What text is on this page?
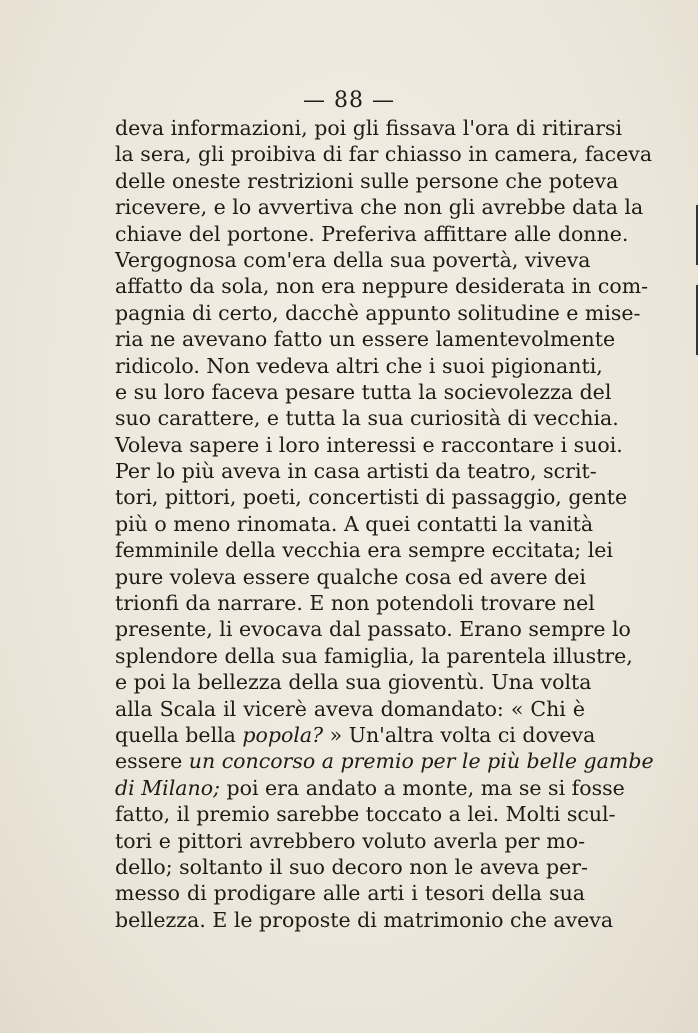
— 88 —
deva informazioni, poi gli fissava l'ora di ritirarsi
la sera, gli proibiva di far chiasso in camera, faceva
delle oneste restrizioni sulle persone che poteva
ricevere, e lo avvertiva che non gli avrebbe data la
chiave del portone. Preferiva affittare alle donne.
Vergognosa com'era della sua povertà, viveva
affatto da sola, non era neppure desiderata in com-
pagnia di certo, dacchè appunto solitudine e mise-
ria ne avevano fatto un essere lamentevolmente
ridicolo. Non vedeva altri che i suoi pigionanti,
e su loro faceva pesare tutta la socievolezza del
suo carattere, e tutta la sua curiosità di vecchia.
Voleva sapere i loro interessi e raccontare i suoi.
Per lo più aveva in casa artisti da teatro, scrit-
tori, pittori, poeti, concertisti di passaggio, gente
più o meno rinomata. A quei contatti la vanità
femminile della vecchia era sempre eccitata; lei
pure voleva essere qualche cosa ed avere dei
trionfi da narrare. E non potendoli trovare nel
presente, li evocava dal passato. Erano sempre lo
splendore della sua famiglia, la parentela illustre,
e poi la bellezza della sua gioventù. Una volta
alla Scala il vicerè aveva domandato: « Chi è
quella bella popola? » Un'altra volta ci doveva
essere un concorso a premio per le più belle gambe
di Milano; poi era andato a monte, ma se si fosse
fatto, il premio sarebbe toccato a lei. Molti scul-
tori e pittori avrebbero voluto averla per mo-
dello; soltanto il suo decoro non le aveva per-
messo di prodigare alle arti i tesori della sua
bellezza. E le proposte di matrimonio che aveva
